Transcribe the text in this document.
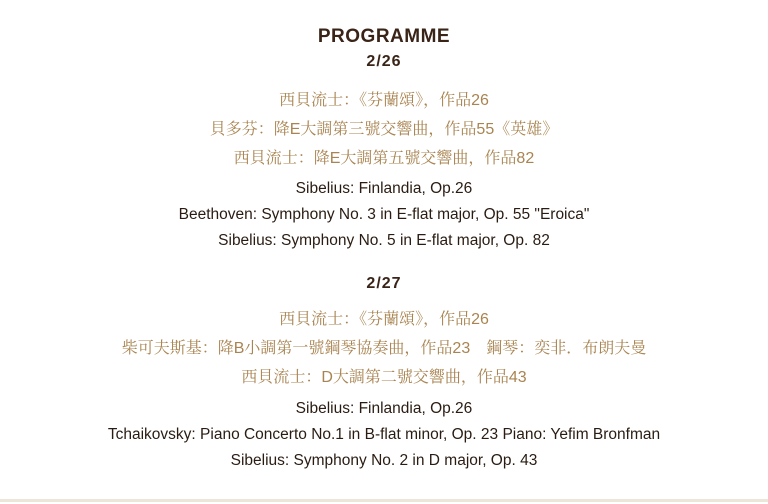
PROGRAMME
2/26
西貝流士：《芬蘭頌》，作品26
貝多芬：降E大調第三號交響曲，作品55《英雄》
西貝流士：降E大調第五號交響曲，作品82
Sibelius: Finlandia, Op.26
Beethoven: Symphony No. 3 in E-flat major, Op. 55 "Eroica"
Sibelius: Symphony No. 5 in E-flat major, Op. 82
2/27
西貝流士：《芬蘭頌》，作品26
柴可夫斯基：降B小調第一號鋼琴協奏曲，作品23　鋼琴：奕非．布朗夫曼
西貝流士：D大調第二號交響曲，作品43
Sibelius: Finlandia, Op.26
Tchaikovsky: Piano Concerto No.1 in B-flat minor, Op. 23 Piano: Yefim Bronfman
Sibelius: Symphony No. 2 in D major, Op. 43
